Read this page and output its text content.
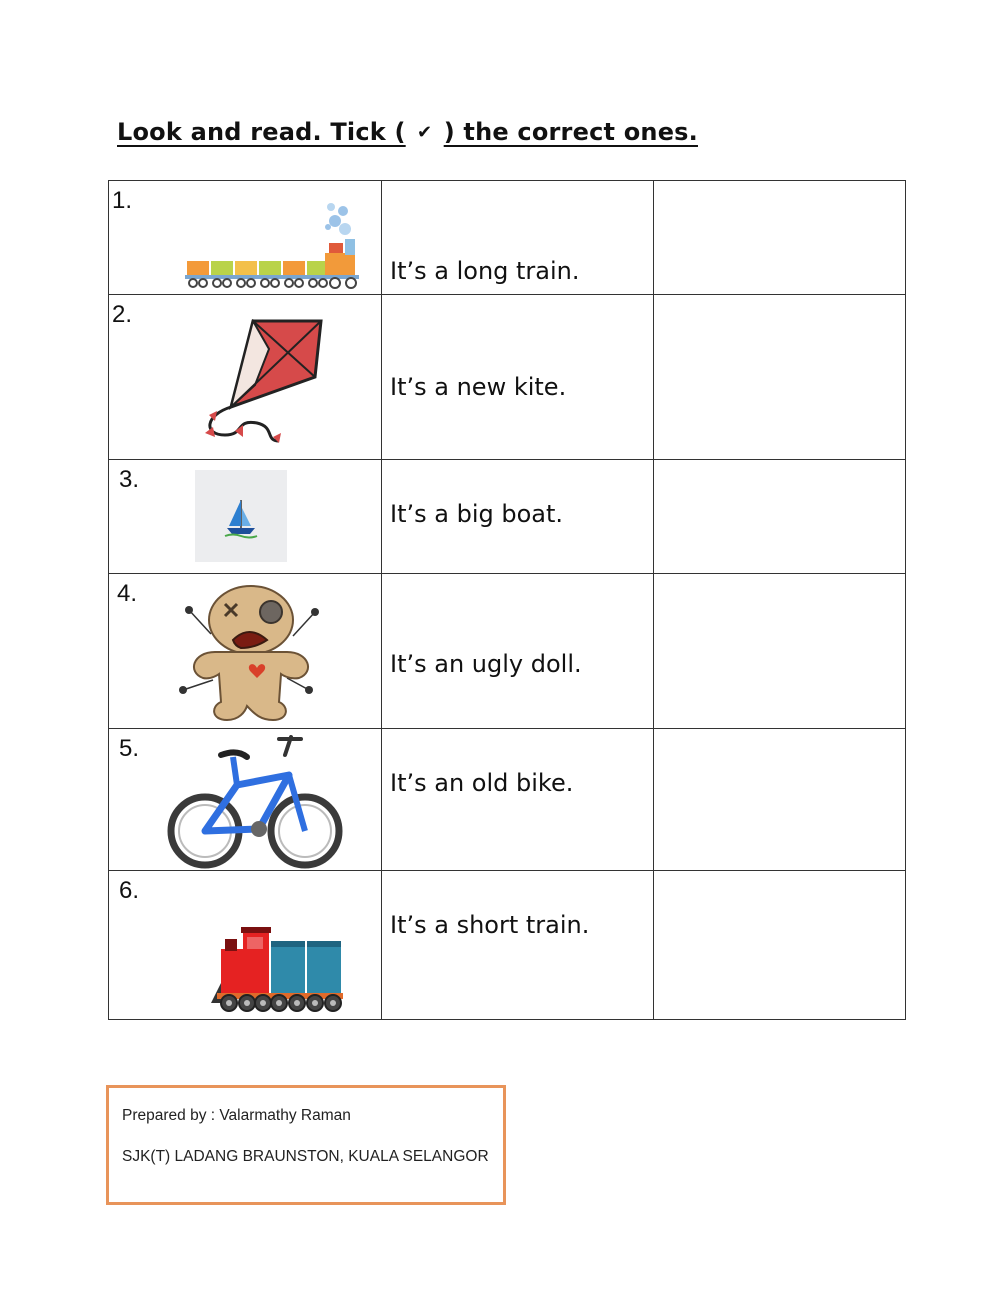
Look and read. Tick ( ✔ ) the correct ones.
1.	It’s a long train.	

2.	It’s a new kite.	

3.	It’s a big boat.	

4.	It’s an ugly doll.	

5.	It’s an old bike.	

6.	It’s a short train.	

Prepared by : Valarmathy Raman
SJK(T) LADANG BRAUNSTON, KUALA SELANGOR
